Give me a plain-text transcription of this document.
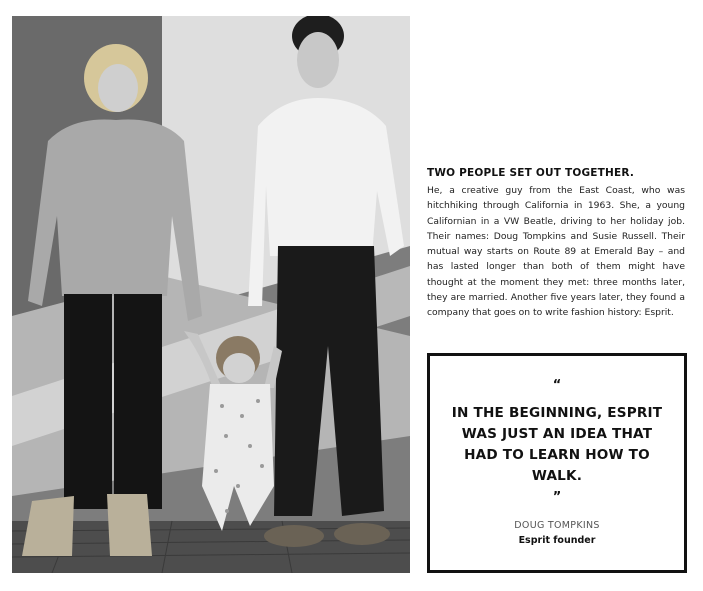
TWO PEOPLE SET OUT TOGETHER.

He, a creative guy from the East Coast, who was hitchhiking through California in 1963. She, a young Californian in a VW Beatle, driving to her holiday job. Their names: Doug Tompkins and Susie Russell. Their mutual way starts on Route 89 at Emerald Bay – and has lasted longer than both of them might have thought at the moment they met: three months later, they are married. Another five years later, they found a company that goes on to write fashion history: Esprit.

“
IN THE BEGINNING, ESPRIT WAS JUST AN IDEA THAT HAD TO LEARN HOW TO WALK.
”
DOUG TOMPKINS
Esprit founder
